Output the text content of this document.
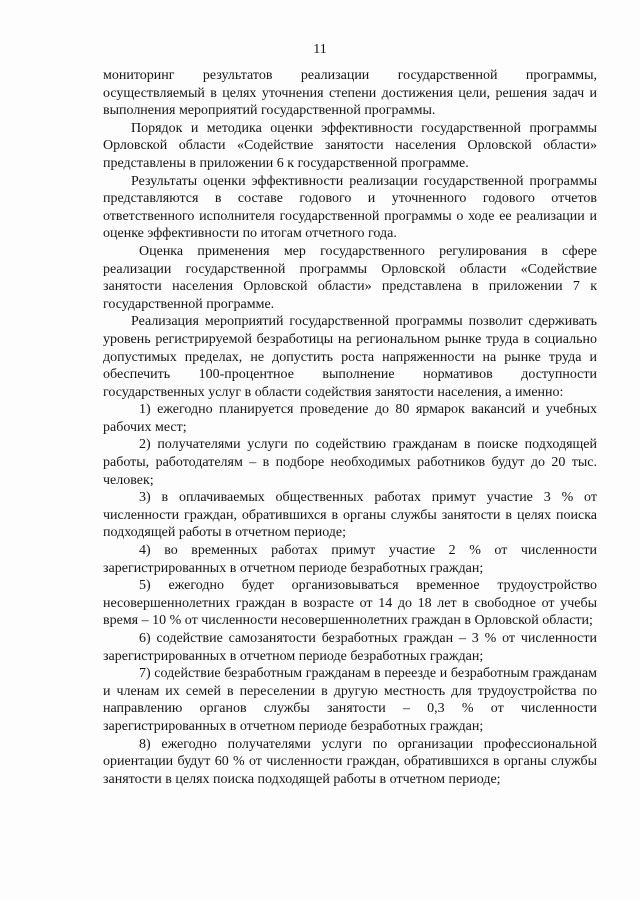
11

мониторинг результатов реализации государственной программы, осуществляемый в целях уточнения степени достижения цели, решения задач и выполнения мероприятий государственной программы.

Порядок и методика оценки эффективности государственной программы Орловской области «Содействие занятости населения Орловской области» представлены в приложении 6 к государственной программе.

Результаты оценки эффективности реализации государственной программы представляются в составе годового и уточненного годового отчетов ответственного исполнителя государственной программы о ходе ее реализации и оценке эффективности по итогам отчетного года.

Оценка применения мер государственного регулирования в сфере реализации государственной программы Орловской области «Содействие занятости населения Орловской области» представлена в приложении 7 к государственной программе.

Реализация мероприятий государственной программы позволит сдерживать уровень регистрируемой безработицы на региональном рынке труда в социально допустимых пределах, не допустить роста напряженности на рынке труда и обеспечить 100-процентное выполнение нормативов доступности государственных услуг в области содействия занятости населения, а именно:

1) ежегодно планируется проведение до 80 ярмарок вакансий и учебных рабочих мест;

2) получателями услуги по содействию гражданам в поиске подходящей работы, работодателям – в подборе необходимых работников будут до 20 тыс. человек;

3) в оплачиваемых общественных работах примут участие 3 % от численности граждан, обратившихся в органы службы занятости в целях поиска подходящей работы в отчетном периоде;

4) во временных работах примут участие 2 % от численности зарегистрированных в отчетном периоде безработных граждан;

5) ежегодно будет организовываться временное трудоустройство несовершеннолетних граждан в возрасте от 14 до 18 лет в свободное от учебы время – 10 % от численности несовершеннолетних граждан в Орловской области;

6) содействие самозанятости безработных граждан – 3 % от численности зарегистрированных в отчетном периоде безработных граждан;

7) содействие безработным гражданам в переезде и безработным гражданам и членам их семей в переселении в другую местность для трудоустройства по направлению органов службы занятости – 0,3 % от численности зарегистрированных в отчетном периоде безработных граждан;

8) ежегодно получателями услуги по организации профессиональной ориентации будут 60 % от численности граждан, обратившихся в органы службы занятости в целях поиска подходящей работы в отчетном периоде;
